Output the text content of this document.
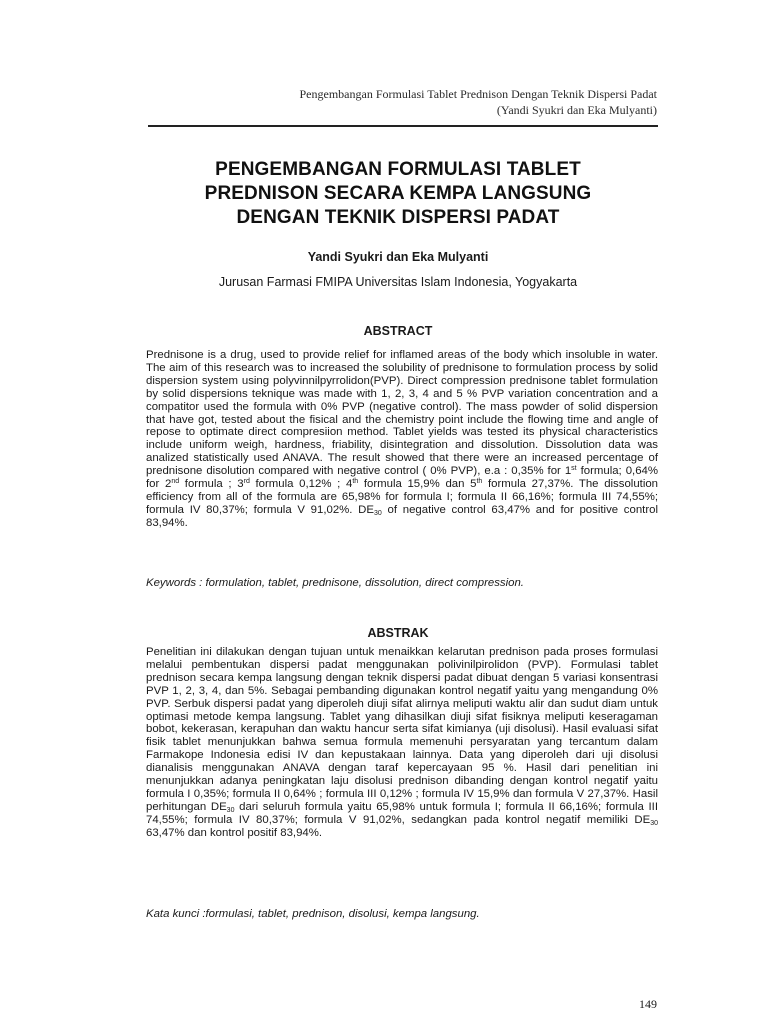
Pengembangan Formulasi Tablet Prednison Dengan Teknik Dispersi Padat
(Yandi Syukri dan Eka Mulyanti)
PENGEMBANGAN FORMULASI TABLET
PREDNISON SECARA KEMPA LANGSUNG
DENGAN TEKNIK DISPERSI PADAT
Yandi Syukri dan Eka Mulyanti
Jurusan Farmasi FMIPA Universitas Islam Indonesia, Yogyakarta
ABSTRACT

Prednisone is a drug, used to provide relief for inflamed areas of the body which insoluble in water. The aim of this research was to increased the solubility of prednisone to formulation process by solid dispersion system using polyvinnilpyrrolidon(PVP). Direct compression prednisone tablet formulation by solid dispersions teknique was made with 1, 2, 3, 4 and 5 % PVP variation concentration and a compatitor used the formula with 0% PVP (negative control). The mass powder of solid dispersion that have got, tested about the fisical and the chemistry point include the flowing time and angle of repose to optimate direct compresiion method. Tablet yields was tested its physical characteristics include uniform weigh, hardness, friability, disintegration and dissolution. Dissolution data was analized statistically used ANAVA. The result showed that there were an increased percentage of prednisone disolution compared with negative control ( 0% PVP), e.a : 0,35% for 1st formula; 0,64% for 2nd formula ; 3rd formula 0,12% ; 4th formula 15,9% dan 5th formula 27,37%. The dissolution efficiency from all of the formula are 65,98% for formula I; formula II 66,16%; formula III 74,55%; formula IV 80,37%; formula V 91,02%. $DE_{30}$ of negative control 63,47% and for positive control 83,94%.

Keywords : formulation, tablet, prednisone, dissolution, direct compression.
ABSTRAK

Penelitian ini dilakukan dengan tujuan untuk menaikkan kelarutan prednison pada proses formulasi melalui pembentukan dispersi padat menggunakan polivinilpirolidon (PVP). Formulasi tablet prednison secara kempa langsung dengan teknik dispersi padat dibuat dengan 5 variasi konsentrasi PVP 1, 2, 3, 4, dan 5%. Sebagai pembanding digunakan kontrol negatif yaitu yang mengandung 0% PVP. Serbuk dispersi padat yang diperoleh diuji sifat alirnya meliputi waktu alir dan sudut diam untuk optimasi metode kempa langsung. Tablet yang dihasilkan diuji sifat fisiknya meliputi keseragaman bobot, kekerasan, kerapuhan dan waktu hancur serta sifat kimianya (uji disolusi). Hasil evaluasi sifat fisik tablet menunjukkan bahwa semua formula memenuhi persyaratan yang tercantum dalam Farmakope Indonesia edisi IV dan kepustakaan lainnya. Data yang diperoleh dari uji disolusi dianalisis menggunakan ANAVA dengan taraf kepercayaan 95 %. Hasil dari penelitian ini menunjukkan adanya peningkatan laju disolusi prednison dibanding dengan kontrol negatif yaitu formula I 0,35%; formula II 0,64% ; formula III 0,12% ; formula IV 15,9% dan formula V 27,37%. Hasil perhitungan $DE_{30}$ dari seluruh formula yaitu 65,98% untuk formula I; formula II 66,16%; formula III 74,55%; formula IV 80,37%; formula V 91,02%, sedangkan pada kontrol negatif memiliki $DE_{30}$ 63,47% dan kontrol positif 83,94%.

Kata kunci :formulasi, tablet, prednison, disolusi, kempa langsung.
149
